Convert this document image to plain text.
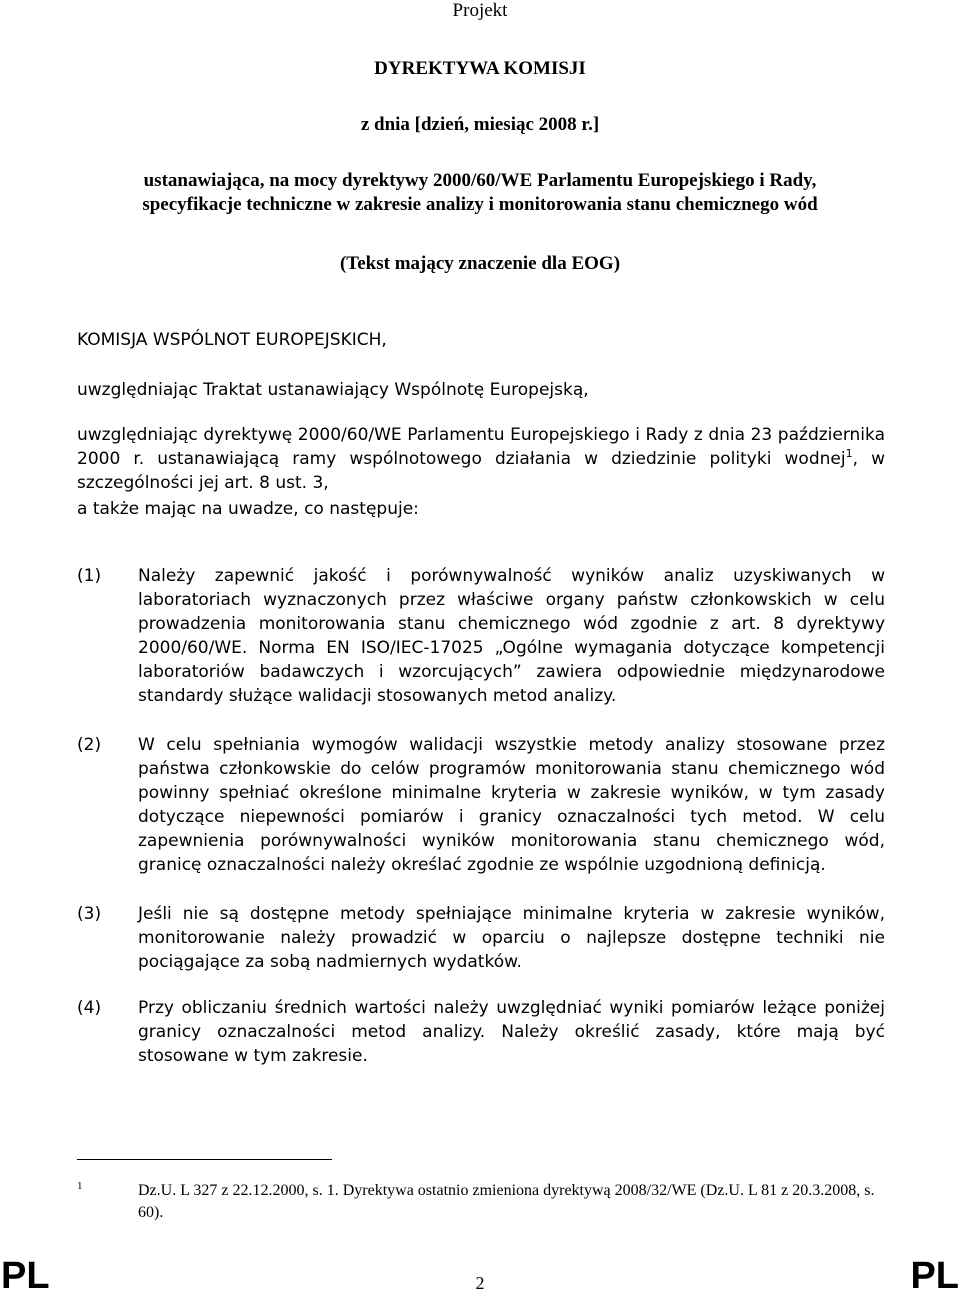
Projekt
DYREKTYWA KOMISJI
z dnia [dzień, miesiąc 2008 r.]
ustanawiająca, na mocy dyrektywy 2000/60/WE Parlamentu Europejskiego i Rady, specyfikacje techniczne w zakresie analizy i monitorowania stanu chemicznego wód
(Tekst mający znaczenie dla EOG)
KOMISJA WSPÓLNOT EUROPEJSKICH,
uwzględniając Traktat ustanawiający Wspólnotę Europejską,
uwzględniając dyrektywę 2000/60/WE Parlamentu Europejskiego i Rady z dnia 23 października 2000 r. ustanawiającą ramy wspólnotowego działania w dziedzinie polityki wodnej$^1$, w szczególności jej art. 8 ust. 3,
a także mając na uwadze, co następuje:
(1) Należy zapewnić jakość i porównywalność wyników analiz uzyskiwanych w laboratoriach wyznaczonych przez właściwe organy państw członkowskich w celu prowadzenia monitorowania stanu chemicznego wód zgodnie z art. 8 dyrektywy 2000/60/WE. Norma EN ISO/IEC-17025 „Ogólne wymagania dotyczące kompetencji laboratoriów badawczych i wzorcujących” zawiera odpowiednie międzynarodowe standardy służące walidacji stosowanych metod analizy.
(2) W celu spełniania wymogów walidacji wszystkie metody analizy stosowane przez państwa członkowskie do celów programów monitorowania stanu chemicznego wód powinny spełniać określone minimalne kryteria w zakresie wyników, w tym zasady dotyczące niepewności pomiarów i granicy oznaczalności tych metod. W celu zapewnienia porównywalności wyników monitorowania stanu chemicznego wód, granicę oznaczalności należy określać zgodnie ze wspólnie uzgodnioną definicją.
(3) Jeśli nie są dostępne metody spełniające minimalne kryteria w zakresie wyników, monitorowanie należy prowadzić w oparciu o najlepsze dostępne techniki nie pociągające za sobą nadmiernych wydatków.
(4) Przy obliczaniu średnich wartości należy uwzględniać wyniki pomiarów leżące poniżej granicy oznaczalności metod analizy. Należy określić zasady, które mają być stosowane w tym zakresie.
1	Dz.U. L 327 z 22.12.2000, s. 1. Dyrektywa ostatnio zmieniona dyrektywą 2008/32/WE (Dz.U. L 81 z 20.3.2008, s. 60).
PL	2	PL
